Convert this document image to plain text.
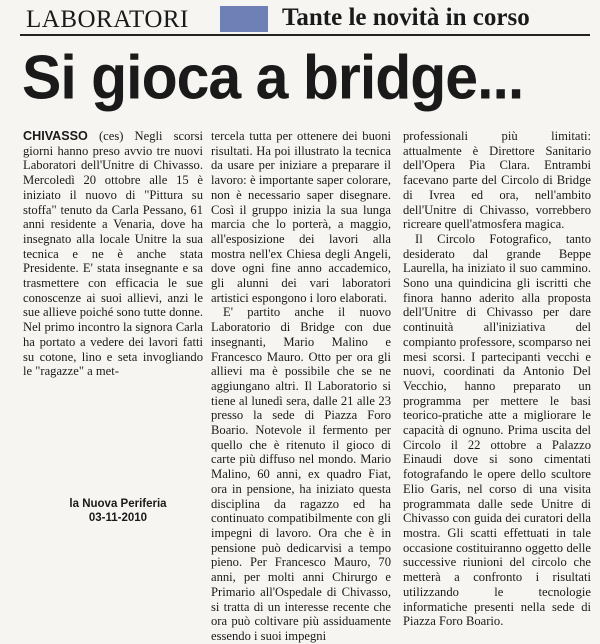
LABORATORI	Tante le novità in corso
Si gioca a bridge...

CHIVASSO (ces) Negli scorsi giorni hanno preso avvio tre nuovi Laboratori dell'Unitre di Chivasso. Mercoledì 20 ottobre alle 15 è iniziato il nuovo di "Pittura su stoffa" tenuto da Carla Pessano, 61 anni residente a Venaria, dove ha insegnato alla locale Unitre la sua tecnica e ne è anche stata Presidente. E' stata insegnante e sa trasmettere con efficacia le sue conoscenze ai suoi allievi, anzi le sue allieve poiché sono tutte donne. Nel primo incontro la signora Carla ha portato a vedere dei lavori fatti su cotone, lino e seta invogliando le "ragazze" a met-

tercela tutta per ottenere dei buoni risultati. Ha poi illustrato la tecnica da usare per iniziare a preparare il lavoro: è importante saper colorare, non è necessario saper disegnare. Così il gruppo inizia la sua lunga marcia che lo porterà, a maggio, all'esposizione dei lavori alla mostra nell'ex Chiesa degli Angeli, dove ogni fine anno accademico, gli alunni dei vari laboratori artistici espongono i loro elaborati.

E' partito anche il nuovo Laboratorio di Bridge con due insegnanti, Mario Malino e Francesco Mauro. Otto per ora gli allievi ma è possibile che se ne aggiungano altri. Il Laboratorio si tiene al lunedì sera, dalle 21 alle 23 presso la sede di Piazza Foro Boario. Notevole il fermento per quello che è ritenuto il gioco di carte più diffuso nel mondo. Mario Malino, 60 anni, ex quadro Fiat, ora in pensione, ha iniziato questa disciplina da ragazzo ed ha continuato compatibilmente con gli impegni di lavoro. Ora che è in pensione può dedicarvisi a tempo pieno. Per Francesco Mauro, 70 anni, per molti anni Chirurgo e Primario all'Ospedale di Chivasso, si tratta di un interesse recente che ora può coltivare più assiduamente essendo i suoi impegni

professionali più limitati: attualmente è Direttore Sanitario dell'Opera Pia Clara. Entrambi facevano parte del Circolo di Bridge di Ivrea ed ora, nell'ambito dell'Unitre di Chivasso, vorrebbero ricreare quell'atmosfera magica.

Il Circolo Fotografico, tanto desiderato dal grande Beppe Laurella, ha iniziato il suo cammino. Sono una quindicina gli iscritti che finora hanno aderito alla proposta dell'Unitre di Chivasso per dare continuità all'iniziativa del compianto professore, scomparso nei mesi scorsi. I partecipanti vecchi e nuovi, coordinati da Antonio Del Vecchio, hanno preparato un programma per mettere le basi teorico-pratiche atte a migliorare le capacità di ognuno. Prima uscita del Circolo il 22 ottobre a Palazzo Einaudi dove si sono cimentati fotografando le opere dello scultore Elio Garis, nel corso di una visita programmata dalle sede Unitre di Chivasso con guida dei curatori della mostra. Gli scatti effettuati in tale occasione costituiranno oggetto delle successive riunioni del circolo che metterà a confronto i risultati utilizzando le tecnologie informatiche presenti nella sede di Piazza Foro Boario.

la Nuova Periferia
03-11-2010
